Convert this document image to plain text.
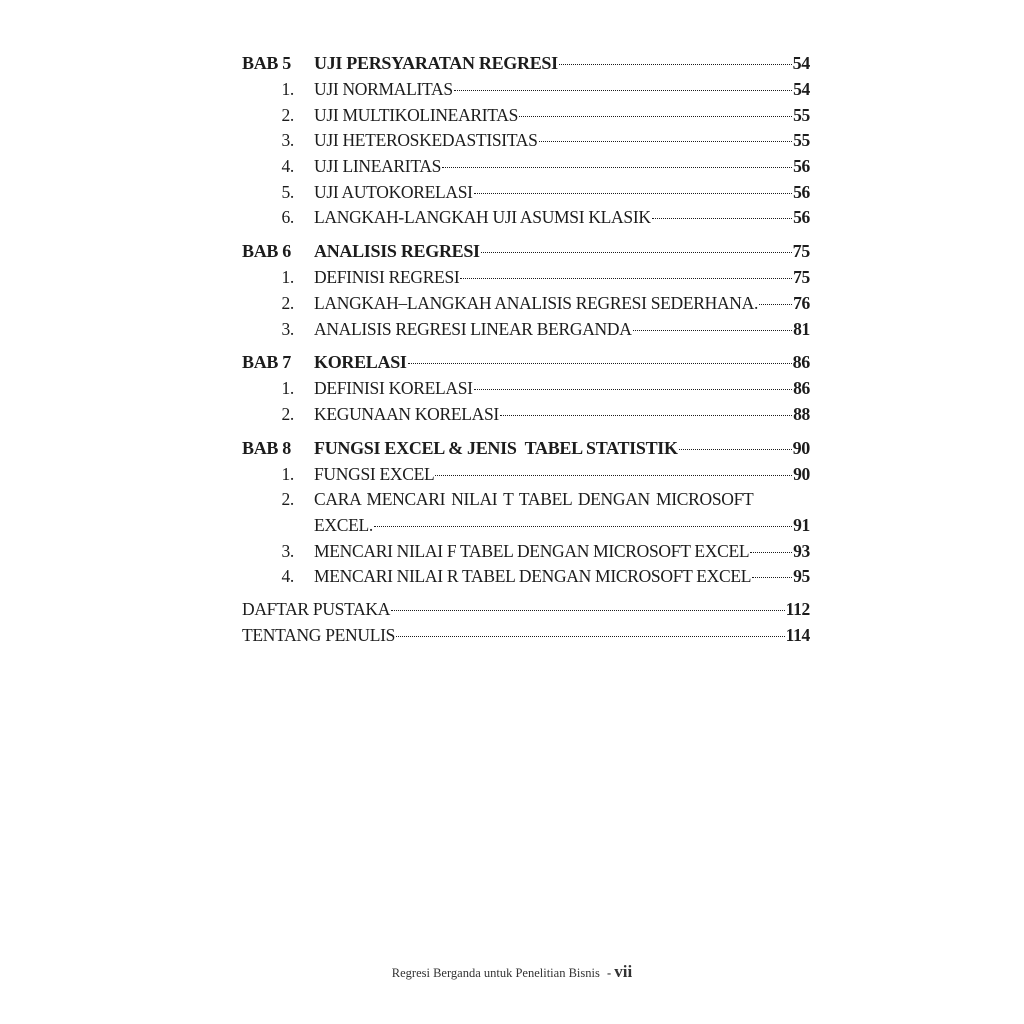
BAB 5	UJI PERSYARATAN REGRESI	54
1. UJI NORMALITAS	54
2. UJI MULTIKOLINEARITAS	55
3. UJI HETEROSKEDASTISITAS	55
4. UJI LINEARITAS	56
5. UJI AUTOKORELASI	56
6. LANGKAH-LANGKAH UJI ASUMSI KLASIK	56
BAB 6	ANALISIS REGRESI	75
1. DEFINISI REGRESI	75
2. LANGKAH–LANGKAH ANALISIS REGRESI SEDERHANA. 76
3. ANALISIS REGRESI LINEAR BERGANDA	81
BAB 7	KORELASI	86
1. DEFINISI KORELASI	86
2. KEGUNAAN KORELASI	88
BAB 8	FUNGSI EXCEL & JENIS  TABEL STATISTIK	90
1. FUNGSI EXCEL	90
2. CARA MENCARI NILAI T TABEL DENGAN MICROSOFT
EXCEL.	91
3. MENCARI NILAI F TABEL DENGAN MICROSOFT EXCEL	93
4. MENCARI NILAI R TABEL DENGAN MICROSOFT EXCEL 95
DAFTAR PUSTAKA	112
TENTANG PENULIS	114
Regresi Berganda untuk Penelitian Bisnis - vii
